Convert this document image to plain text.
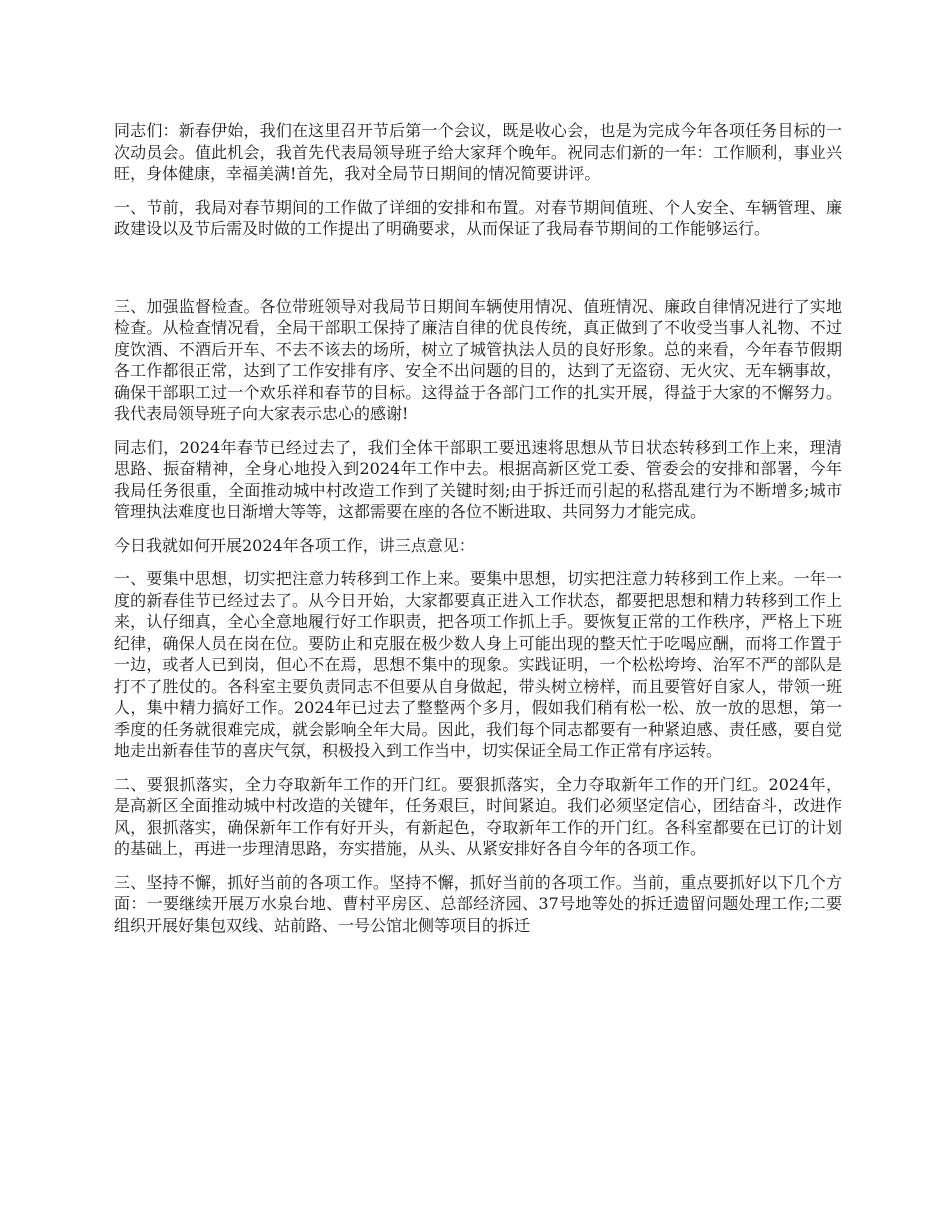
同志们：新春伊始，我们在这里召开节后第一个会议，既是收心会，也是为完成今年各项任务目标的一次动员会。值此机会，我首先代表局领导班子给大家拜个晚年。祝同志们新的一年：工作顺利，事业兴旺，身体健康，幸福美满!首先，我对全局节日期间的情况简要讲评。

一、节前，我局对春节期间的工作做了详细的安排和布置。对春节期间值班、个人安全、车辆管理、廉政建设以及节后需及时做的工作提出了明确要求，从而保证了我局春节期间的工作能够运行。

三、加强监督检查。各位带班领导对我局节日期间车辆使用情况、值班情况、廉政自律情况进行了实地检查。从检查情况看，全局干部职工保持了廉洁自律的优良传统，真正做到了不收受当事人礼物、不过度饮酒、不酒后开车、不去不该去的场所，树立了城管执法人员的良好形象。总的来看，今年春节假期各工作都很正常，达到了工作安排有序、安全不出问题的目的，达到了无盗窃、无火灾、无车辆事故，确保干部职工过一个欢乐祥和春节的目标。这得益于各部门工作的扎实开展，得益于大家的不懈努力。我代表局领导班子向大家表示忠心的感谢!

同志们，2024年春节已经过去了，我们全体干部职工要迅速将思想从节日状态转移到工作上来，理清思路、振奋精神，全身心地投入到2024年工作中去。根据高新区党工委、管委会的安排和部署，今年我局任务很重，全面推动城中村改造工作到了关键时刻;由于拆迁而引起的私搭乱建行为不断增多;城市管理执法难度也日渐增大等等，这都需要在座的各位不断进取、共同努力才能完成。

今日我就如何开展2024年各项工作，讲三点意见：

一、要集中思想，切实把注意力转移到工作上来。要集中思想，切实把注意力转移到工作上来。一年一度的新春佳节已经过去了。从今日开始，大家都要真正进入工作状态，都要把思想和精力转移到工作上来，认仔细真，全心全意地履行好工作职责，把各项工作抓上手。要恢复正常的工作秩序，严格上下班纪律，确保人员在岗在位。要防止和克服在极少数人身上可能出现的整天忙于吃喝应酬，而将工作置于一边，或者人已到岗，但心不在焉，思想不集中的现象。实践证明，一个松松垮垮、治军不严的部队是打不了胜仗的。各科室主要负责同志不但要从自身做起，带头树立榜样，而且要管好自家人，带领一班人，集中精力搞好工作。2024年已过去了整整两个多月，假如我们稍有松一松、放一放的思想，第一季度的任务就很难完成，就会影响全年大局。因此，我们每个同志都要有一种紧迫感、责任感，要自觉地走出新春佳节的喜庆气氛，积极投入到工作当中，切实保证全局工作正常有序运转。

二、要狠抓落实，全力夺取新年工作的开门红。要狠抓落实，全力夺取新年工作的开门红。2024年，是高新区全面推动城中村改造的关键年，任务艰巨，时间紧迫。我们必须坚定信心，团结奋斗，改进作风，狠抓落实，确保新年工作有好开头，有新起色，夺取新年工作的开门红。各科室都要在已订的计划的基础上，再进一步理清思路，夯实措施，从头、从紧安排好各自今年的各项工作。

三、坚持不懈，抓好当前的各项工作。坚持不懈，抓好当前的各项工作。当前，重点要抓好以下几个方面：一要继续开展万水泉台地、曹村平房区、总部经济园、37号地等处的拆迁遗留问题处理工作;二要组织开展好集包双线、站前路、一号公馆北侧等项目的拆迁
